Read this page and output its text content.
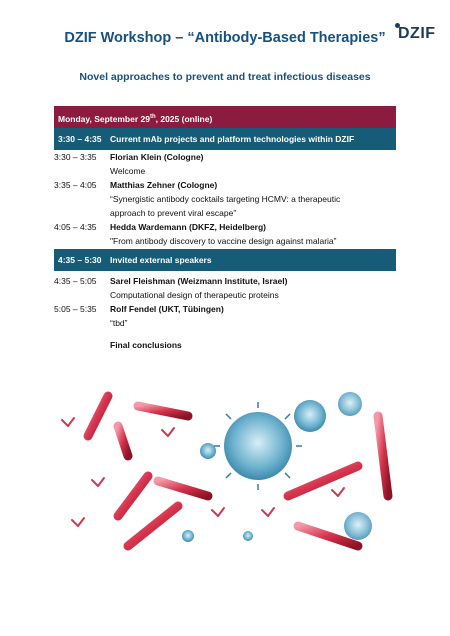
DZIF
DZIF Workshop – “Antibody-Based Therapies”
Novel approaches to prevent and treat infectious diseases
Monday, September 29th, 2025 (online)
3:30 – 4:35	Current mAb projects and platform technologies within DZIF
3:30 – 3:35	Florian Klein (Cologne)
Welcome
3:35 – 4:05	Matthias Zehner (Cologne)
“Synergistic antibody cocktails targeting HCMV: a therapeutic
approach to prevent viral escape”
4:05 – 4:35	Hedda Wardemann (DKFZ, Heidelberg)
"From antibody discovery to vaccine design against malaria”
4:35 – 5:30	Invited external speakers
4:35 – 5:05	Sarel Fleishman (Weizmann Institute, Israel)
Computational design of therapeutic proteins
5:05 – 5:35	Rolf Fendel (UKT, Tübingen)
“tbd”
Final conclusions
